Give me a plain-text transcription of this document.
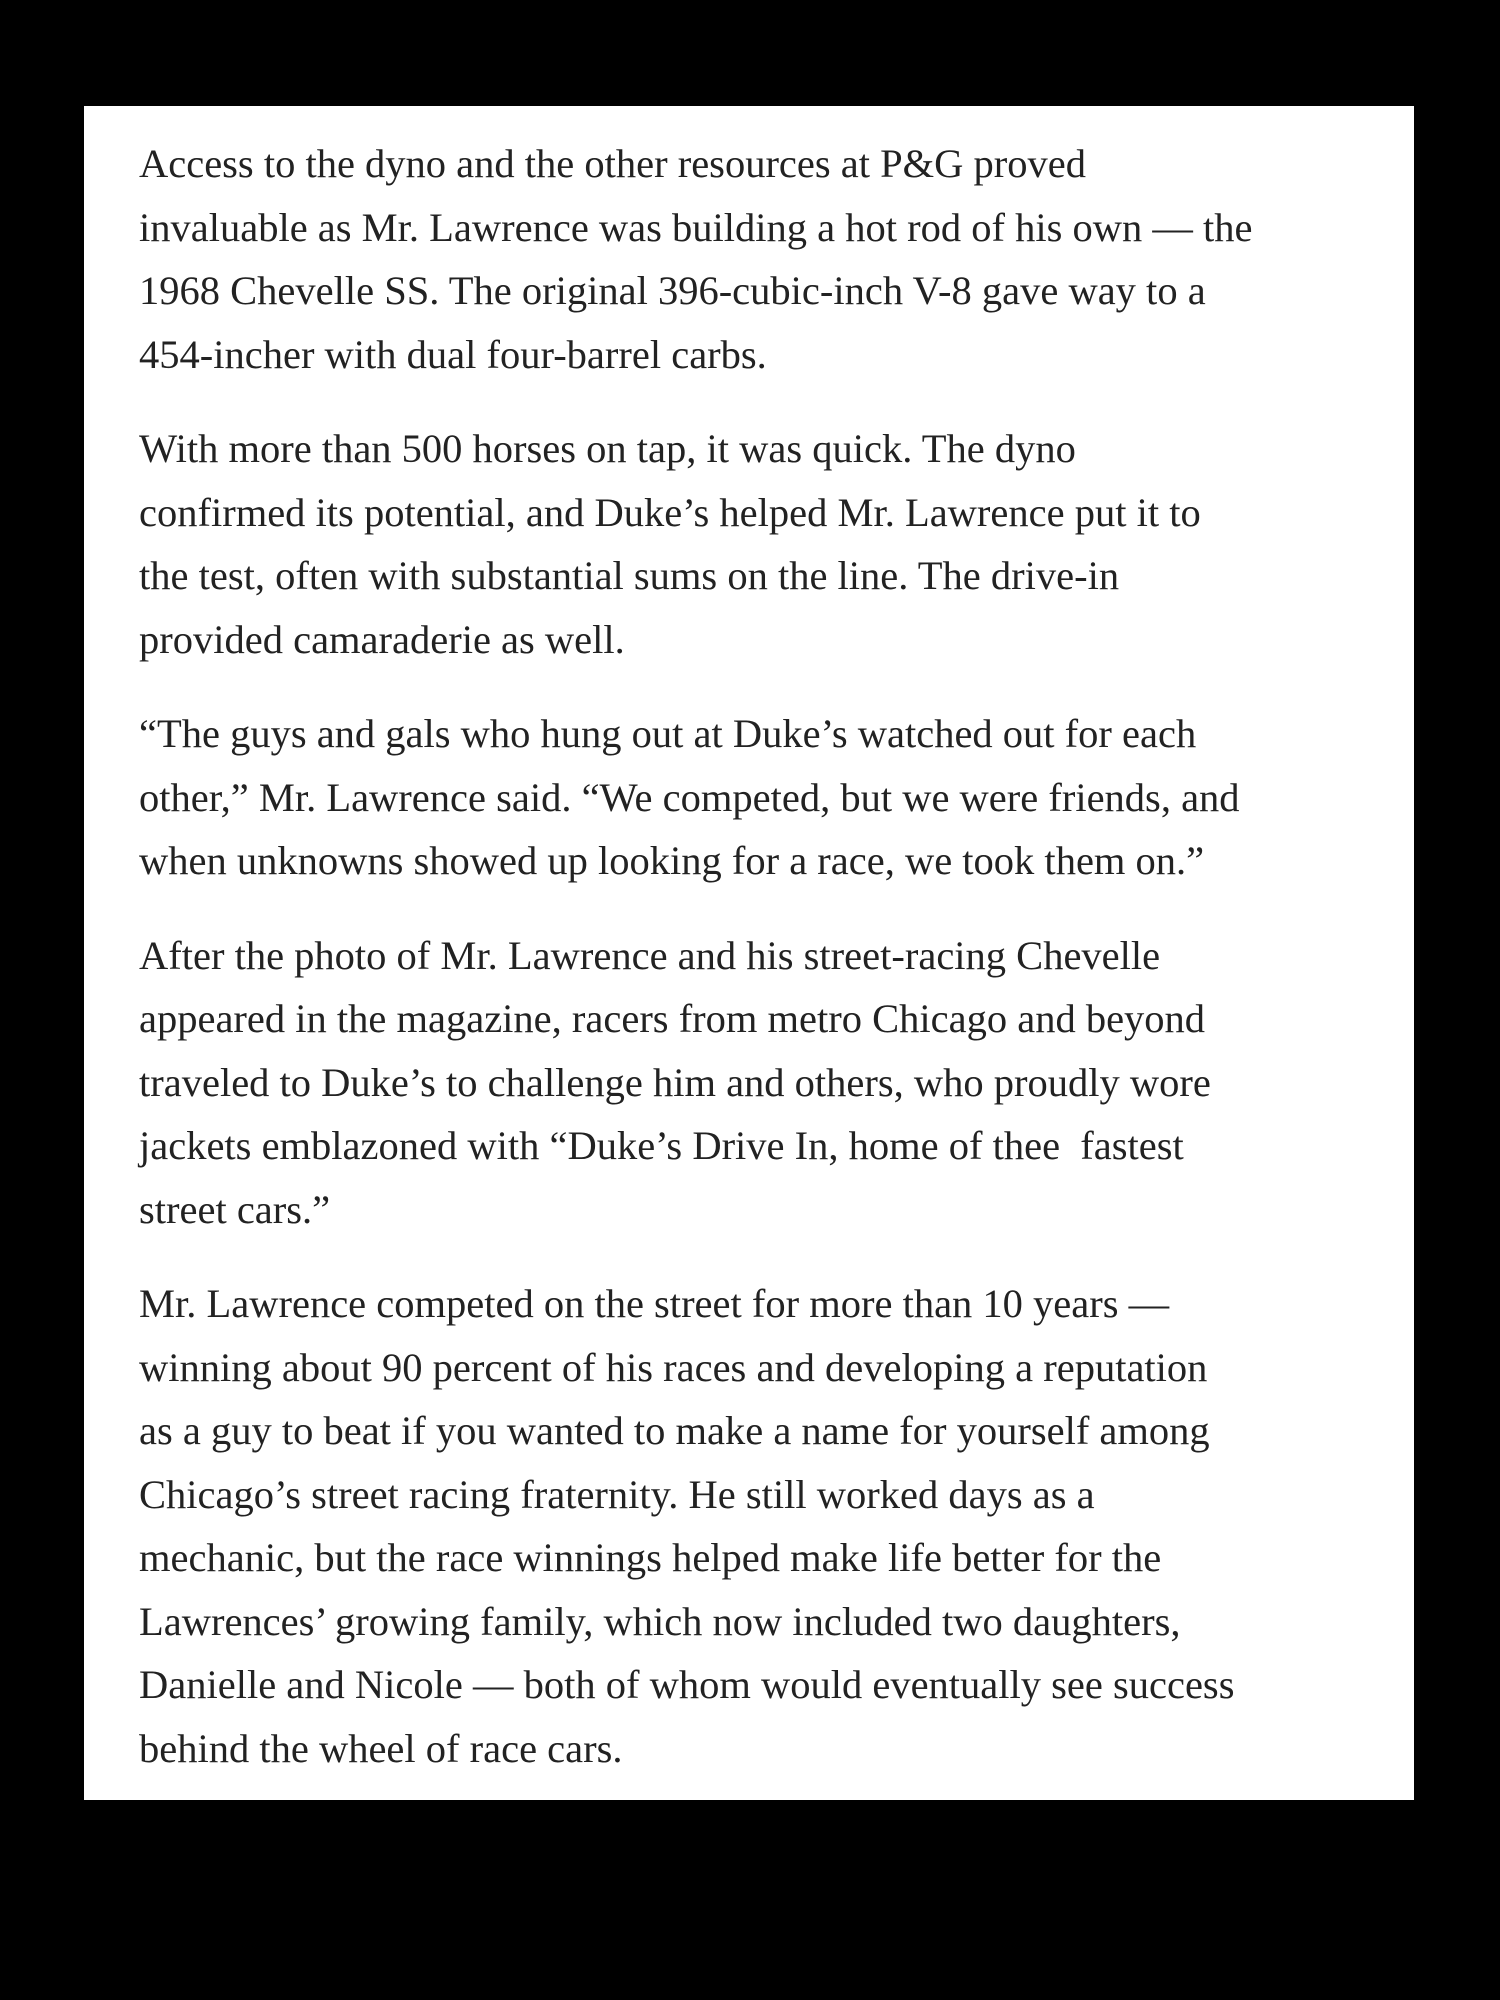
Access to the dyno and the other resources at P&G proved
invaluable as Mr. Lawrence was building a hot rod of his own — the
1968 Chevelle SS. The original 396-cubic-inch V-8 gave way to a
454-incher with dual four-barrel carbs.

With more than 500 horses on tap, it was quick. The dyno
confirmed its potential, and Duke’s helped Mr. Lawrence put it to
the test, often with substantial sums on the line. The drive-in
provided camaraderie as well.

“The guys and gals who hung out at Duke’s watched out for each
other,” Mr. Lawrence said. “We competed, but we were friends, and
when unknowns showed up looking for a race, we took them on.”

After the photo of Mr. Lawrence and his street-racing Chevelle
appeared in the magazine, racers from metro Chicago and beyond
traveled to Duke’s to challenge him and others, who proudly wore
jackets emblazoned with “Duke’s Drive In, home of thee  fastest
street cars.”

Mr. Lawrence competed on the street for more than 10 years —
winning about 90 percent of his races and developing a reputation
as a guy to beat if you wanted to make a name for yourself among
Chicago’s street racing fraternity. He still worked days as a
mechanic, but the race winnings helped make life better for the
Lawrences’ growing family, which now included two daughters,
Danielle and Nicole — both of whom would eventually see success
behind the wheel of race cars.
